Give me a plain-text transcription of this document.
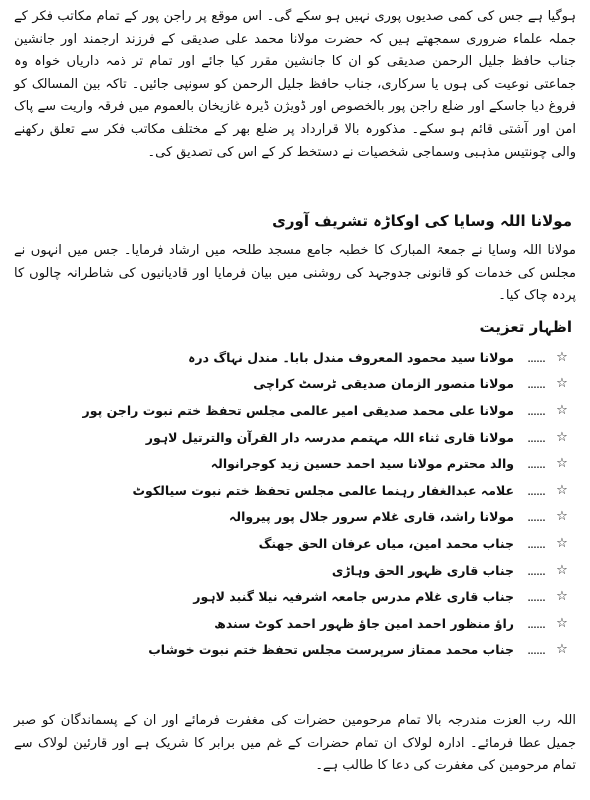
ہوگیا ہے جس کی کمی صدیوں پوری نہیں ہو سکے گی۔ اس موقع پر راجن پور کے تمام مکاتب فکر کے جملہ علماء ضروری سمجھتے ہیں کہ حضرت مولانا محمد علی صدیقی کے فرزند ارجمند اور جانشین جناب حافظ جلیل الرحمن صدیقی کو ان کا جانشین مقرر کیا جائے اور تمام تر ذمہ داریاں خواہ وہ جماعتی نوعیت کی ہوں یا سرکاری، جناب حافظ جلیل الرحمن کو سونپی جائیں۔ تاکہ بین المسالک کو فروغ دیا جاسکے اور ضلع راجن پور بالخصوص اور ڈویژن ڈیرہ غازیخان بالعموم میں فرقہ واریت سے پاک امن اور آشتی قائم ہو سکے۔ مذکورہ بالا قرارداد پر ضلع بھر کے مختلف مکاتب فکر سے تعلق رکھنے والی چونتیس مذہبی وسماجی شخصیات نے دستخط کر کے اس کی تصدیق کی۔

مولانا اللہ وسایا کی اوکاڑہ تشریف آوری

مولانا اللہ وسایا نے جمعۃ المبارک کا خطبہ جامع مسجد طلحہ میں ارشاد فرمایا۔ جس میں انہوں نے مجلس کی خدمات کو قانونی جدوجہد کی روشنی میں بیان فرمایا اور قادیانیوں کی شاطرانہ چالوں کا پردہ چاک کیا۔

اظہار تعزیت
☆
......
مولانا سید محمود المعروف مندل بابا۔ مندل نہاگ درہ
☆
......
مولانا منصور الزمان صدیقی ٹرسٹ کراچی
☆
......
مولانا علی محمد صدیقی امیر عالمی مجلس تحفظ ختم نبوت راجن پور
☆
......
مولانا قاری ثناء اللہ مہتمم مدرسہ دار القرآن والترتیل لاہور
☆
......
والد محترم مولانا سید احمد حسین زید کوجرانوالہ
☆
......
علامہ عبدالغفار رہنما عالمی مجلس تحفظ ختم نبوت سیالکوٹ
☆
......
مولانا راشد، قاری غلام سرور جلال پور پیروالہ
☆
......
جناب محمد امین، میاں عرفان الحق جھنگ
☆
......
جناب قاری ظہور الحق وہاڑی
☆
......
جناب قاری غلام مدرس جامعہ اشرفیہ نیلا گنبد لاہور
☆
......
راؤ منظور احمد امین جاؤ ظہور احمد کوٹ سندھ
☆
......
جناب محمد ممتاز سرپرست مجلس تحفظ ختم نبوت خوشاب

اللہ رب العزت مندرجہ بالا تمام مرحومین حضرات کی مغفرت فرمائے اور ان کے پسماندگان کو صبر جمیل عطا فرمائے۔ ادارہ لولاک ان تمام حضرات کے غم میں برابر کا شریک ہے اور قارئین لولاک سے تمام مرحومین کی مغفرت کی دعا کا طالب ہے۔
